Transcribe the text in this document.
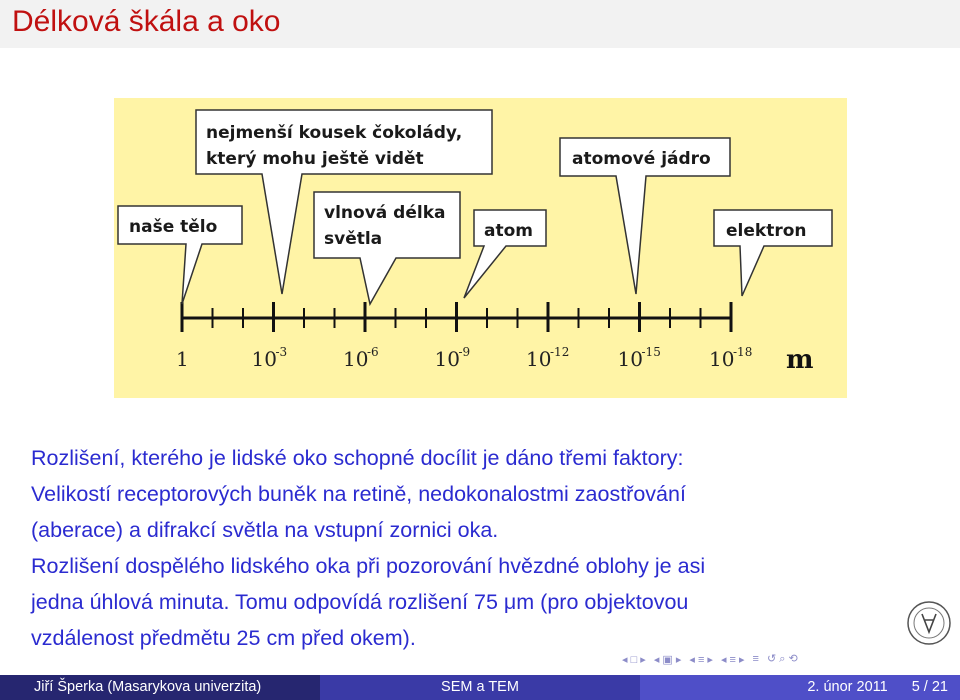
Délková škála a oko
1	10
-3	10
-6	10
-9	10
-12 10
-15 10
-18 m
naše tělo
nejmenší kousek čokolády,
který mohu ještě vidět
vlnová délka
světla	atom
atomové jádro
elektron

Rozlišení, kterého je lidské oko schopné docílit je dáno třemi faktory:

Velikostí receptorových buněk na retině, nedokonalostmi zaostřování

(aberace) a difrakcí světla na vstupní zornici oka.

Rozlišení dospělého lidského oka při pozorování hvězdné oblohy je asi

jedna úhlová minuta. Tomu odpovídá rozlišení 75 μm (pro objektovou

vzdálenost předmětu 25 cm před okem).

◂ □ ▸ ◂ ▣ ▸ ◂ ≡ ▸ ◂ ≡ ▸ ≡ ↺ ⌕ ⟲
Jiří Šperka (Masarykova univerzita)	SEM a TEM	2. únor 2011 5 / 21
